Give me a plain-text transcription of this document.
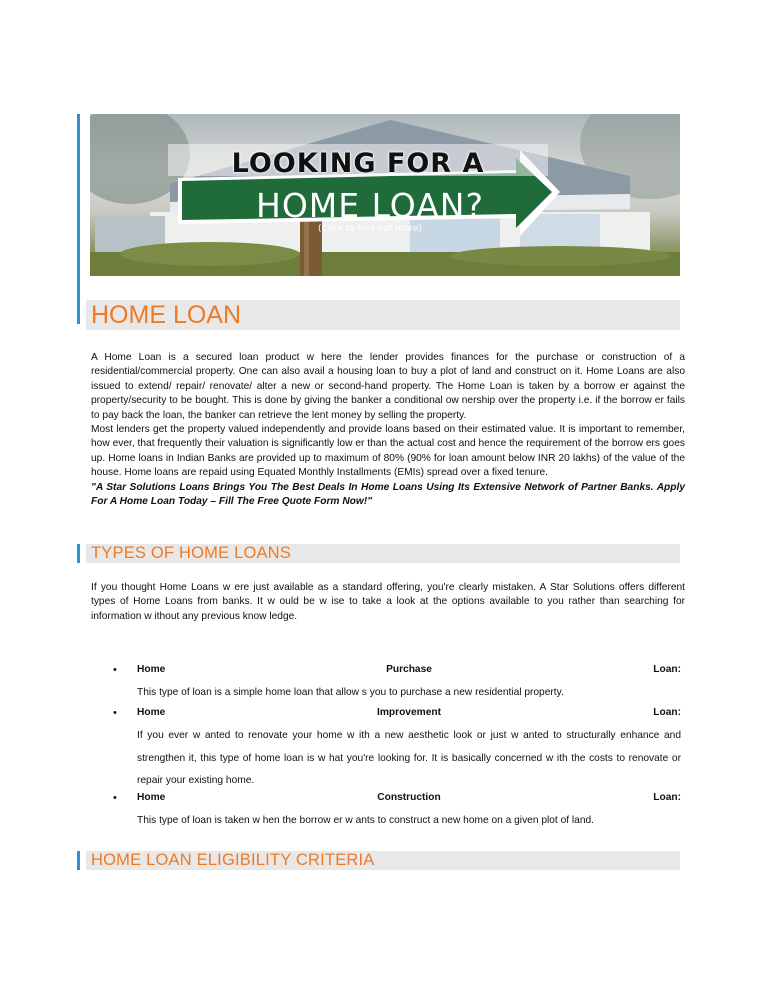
LOOKING FOR A
HOME LOAN?
(Click to find out more)
HOME LOAN

A Home Loan is a secured loan product w here the lender provides finances for the purchase or construction of a residential/commercial property. One can also avail a housing loan to buy a plot of land and construct on it. Home Loans are also issued to extend/ repair/ renovate/ alter a new or second-hand property. The Home Loan is taken by a borrow er against the property/security to be bought. This is done by giving the banker a conditional ow nership over the property i.e. if the borrow er fails to pay back the loan, the banker can retrieve the lent money by selling the property.

Most lenders get the property valued independently and provide loans based on their estimated value. It is important to remember, how ever, that frequently their valuation is significantly low er than the actual cost and hence the requirement of the borrow ers goes up. Home loans in Indian Banks are provided up to maximum of 80% (90% for loan amount below INR 20 lakhs) of the value of the house. Home loans are repaid using Equated Monthly Installments (EMIs) spread over a fixed tenure.

"A Star Solutions Loans Brings You The Best Deals In Home Loans Using Its Extensive Network of Partner Banks. Apply For A Home Loan Today – Fill The Free Quote Form Now!"

TYPES OF HOME LOANS

If you thought Home Loans w ere just available as a standard offering, you're clearly mistaken. A Star Solutions offers different types of Home Loans from banks. It w ould be w ise to take a look at the options available to you rather than searching for information w ithout any previous know ledge.

• Home	Purchase	Loan:
This type of loan is a simple home loan that allow s you to purchase a new residential property.
• Home	Improvement	Loan:
If you ever w anted to renovate your home w ith a new aesthetic look or just w anted to structurally enhance and strengthen it, this type of home loan is w hat you're looking for. It is basically concerned w ith the costs to renovate or repair your existing home.
• Home	Construction	Loan:
This type of loan is taken w hen the borrow er w ants to construct a new home on a given plot of land.
HOME LOAN ELIGIBILITY CRITERIA
